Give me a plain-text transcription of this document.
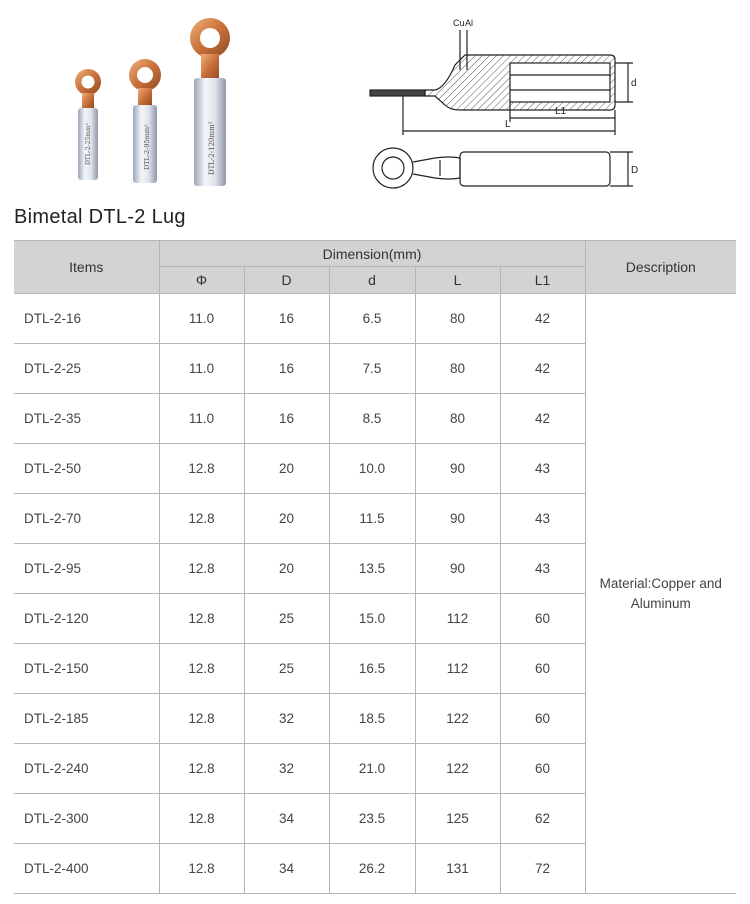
DTL-2-25mm²	DTL-2-95mm²	DTL-2-120mm²
Cu Al
d
L1
L
D
Bimetal DTL-2 Lug
Items	Dimension(mm)					Description
	Φ	D	d	L	L1	
DTL-2-16	11.0	16	6.5	80	42	Material:Copper and Aluminum
DTL-2-25	11.0	16	7.5	80	42	
DTL-2-35	11.0	16	8.5	80	42	
DTL-2-50	12.8	20	10.0	90	43	
DTL-2-70	12.8	20	11.5	90	43	
DTL-2-95	12.8	20	13.5	90	43	
DTL-2-120	12.8	25	15.0	112	60	
DTL-2-150	12.8	25	16.5	112	60	
DTL-2-185	12.8	32	18.5	122	60	
DTL-2-240	12.8	32	21.0	122	60	
DTL-2-300	12.8	34	23.5	125	62	
DTL-2-400	12.8	34	26.2	131	72	
